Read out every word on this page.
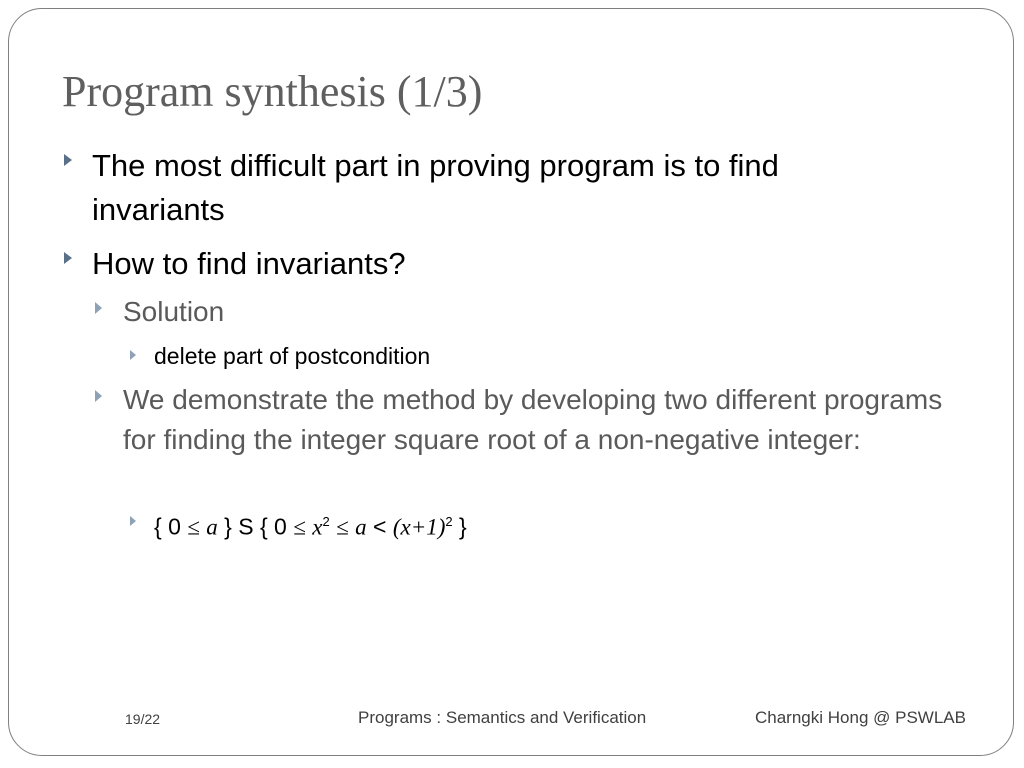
Program synthesis (1/3)
The most difficult part in proving program is to find invariants
How to find invariants?
Solution
delete part of postcondition
We demonstrate the method by developing two different programs for finding the integer square root of a non-negative integer:
{ 0 ≤ a } S { $0 \le x^2 \le a < (x+1)^2$ }
19/22	Programs : Semantics and Verification	Charngki Hong @ PSWLAB
